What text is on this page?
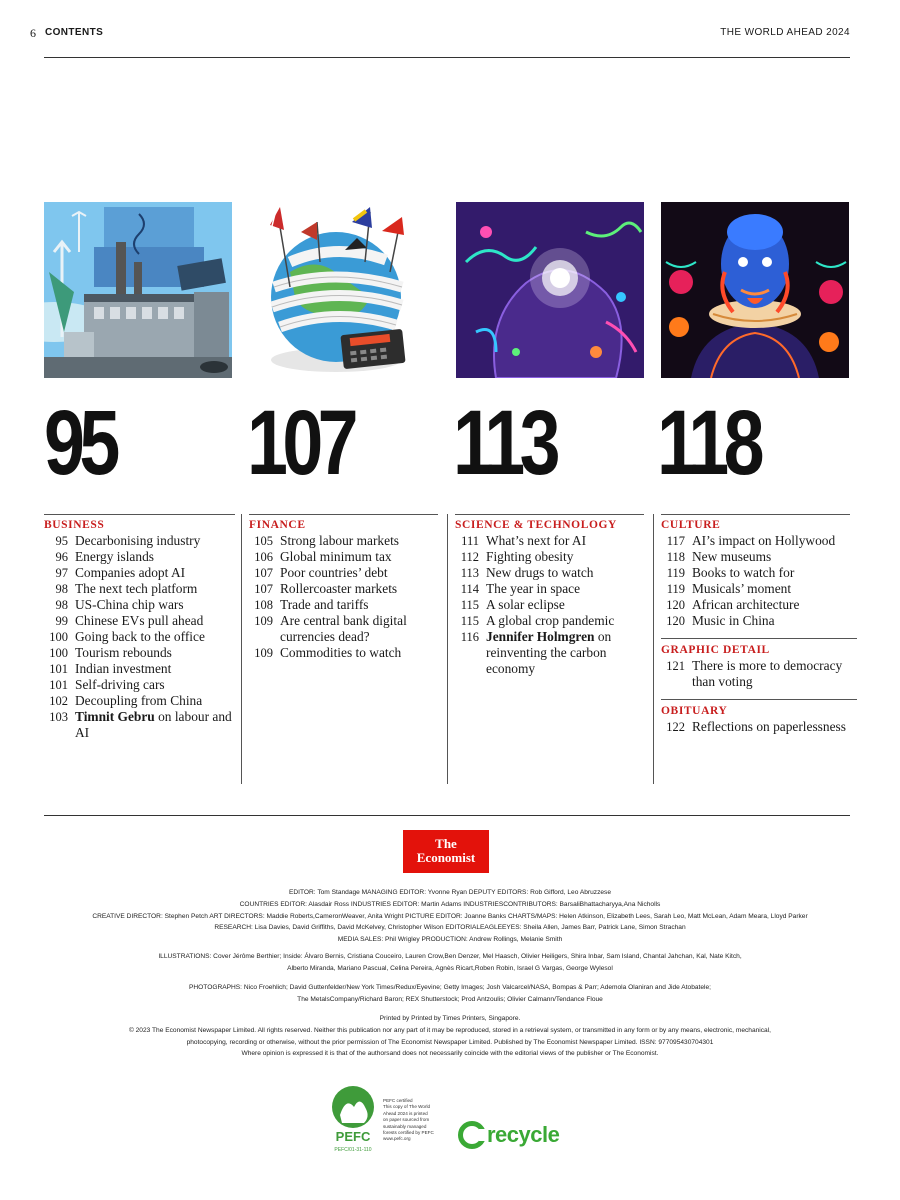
6 CONTENTS	THE WORLD AHEAD 2024
95 107 113 118
BUSINESS
95 Decarbonising industry
96 Energy islands
97 Companies adopt AI
98 The next tech platform
98 US-China chip wars
99 Chinese EVs pull ahead
100 Going back to the office
100 Tourism rebounds
101 Indian investment
101 Self-driving cars
102 Decoupling from China
103 Timnit Gebru on labour and AI
FINANCE
105 Strong labour markets
106 Global minimum tax
107 Poor countries’ debt
107 Rollercoaster markets
108 Trade and tariffs
109 Are central bank digital currencies dead?
109 Commodities to watch
SCIENCE & TECHNOLOGY
111 What’s next for AI
112 Fighting obesity
113 New drugs to watch
114 The year in space
115 A solar eclipse
115 A global crop pandemic
116 Jennifer Holmgren on reinventing the carbon economy
CULTURE
117 AI’s impact on Hollywood
118 New museums
119 Books to watch for
119 Musicals’ moment
120 African architecture
120 Music in China
GRAPHIC DETAIL
121 There is more to democracy than voting
OBITUARY
122 Reflections on paperlessness
The
Economist
EDITOR: Tom Standage MANAGING EDITOR: Yvonne Ryan DEPUTY EDITORS: Rob Gifford, Leo Abruzzese
COUNTRIES EDITOR: Alasdair Ross INDUSTRIES EDITOR: Martin Adams INDUSTRIESCONTRIBUTORS: BarsaliBhattacharyya,Ana Nicholls
CREATIVE DIRECTOR: Stephen Petch ART DIRECTORS: Maddie Roberts,CameronWeaver, Anita Wright PICTURE EDITOR: Joanne Banks CHARTS/MAPS: Helen Atkinson, Elizabeth Lees, Sarah Leo, Matt McLean, Adam Meara, Lloyd Parker
RESEARCH: Lisa Davies, David Griffiths, David McKelvey, Christopher Wilson EDITORIALEAGLEEYES: Sheila Allen, James Barr, Patrick Lane, Simon Strachan
MEDIA SALES: Phil Wrigley PRODUCTION: Andrew Rollings, Melanie Smith
ILLUSTRATIONS: Cover Jérôme Berthier; Inside: Álvaro Bernis, Cristiana Couceiro, Lauren Crow,Ben Denzer, Mel Haasch, Olivier Heiligers, Shira Inbar, Sam Island, Chantal Jahchan, Kal, Nate Kitch,
Alberto Miranda, Mariano Pascual, Celina Pereira, Agnès Ricart,Roben Robin, Israel G Vargas, George Wylesol
PHOTOGRAPHS: Nico Froehlich; David Guttenfelder/New York Times/Redux/Eyevine; Getty Images; Josh Valcarcel/NASA, Bompas & Parr; Ademola Olaniran and Jide Atobatele;
The MetalsCompany/Richard Baron; REX Shutterstock; Prod Antzoulis; Olivier Calmann/Tendance Floue
Printed by Printed by Times Printers, Singapore.
© 2023 The Economist Newspaper Limited. All rights reserved. Neither this publication nor any part of it may be reproduced, stored in a retrieval system, or transmitted in any form or by any means, electronic, mechanical,
photocopying, recording or otherwise, without the prior permission of The Economist Newspaper Limited. Published by The Economist Newspaper Limited. ISSN: 977095430704301
Where opinion is expressed it is that of the authorsand does not necessarily coincide with the editorial views of the publisher or The Economist.
PEFC
PEFC/01-31-110
PEFC certified
This copy of The World
Ahead 2024 is printed
on paper sourced from
sustainably managed
forests certified by PEFC
www.pefc.org	recycle
